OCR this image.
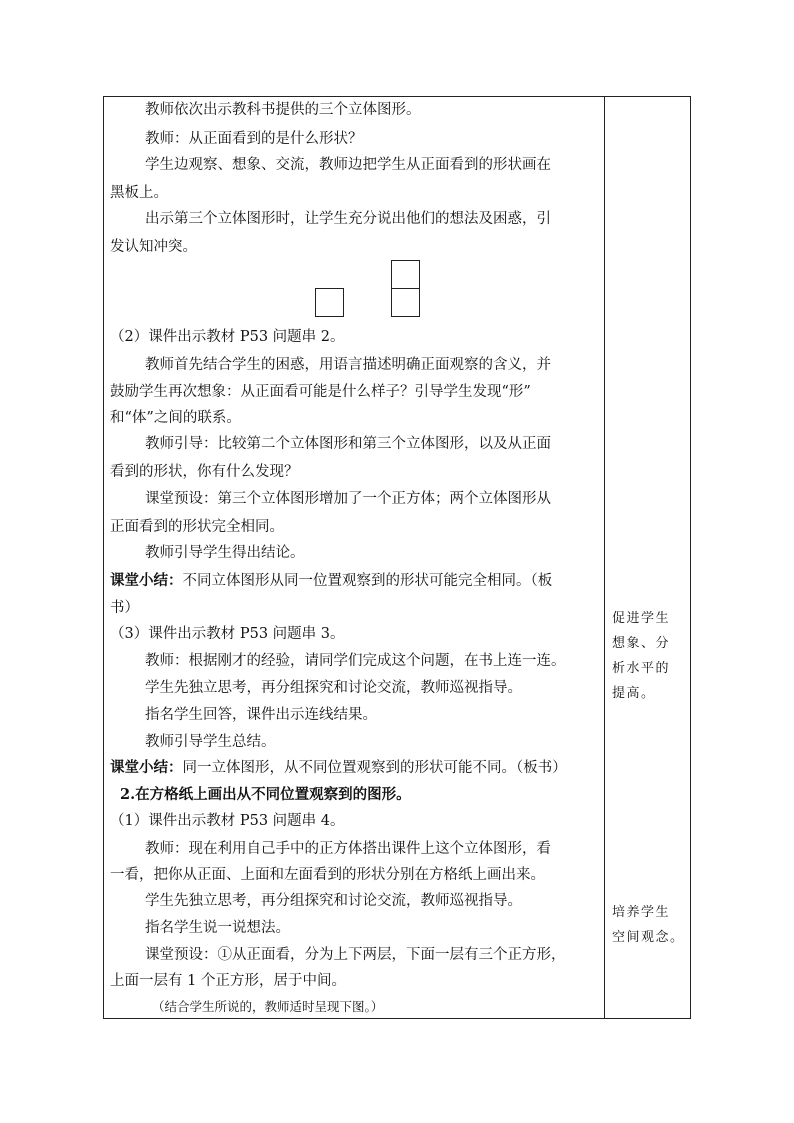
教师依次出示教科书提供的三个立体图形。
教师：从正面看到的是什么形状？
学生边观察、想象、交流，教师边把学生从正面看到的形状画在
黑板上。
出示第三个立体图形时，让学生充分说出他们的想法及困惑，引
发认知冲突。
（2）课件出示教材 P53 问题串 2。
教师首先结合学生的困惑，用语言描述明确正面观察的含义，并
鼓励学生再次想象：从正面看可能是什么样子？引导学生发现“形”
和“体”之间的联系。
教师引导：比较第二个立体图形和第三个立体图形，以及从正面
看到的形状，你有什么发现？
课堂预设：第三个立体图形增加了一个正方体；两个立体图形从
正面看到的形状完全相同。
教师引导学生得出结论。
课堂小结：不同立体图形从同一位置观察到的形状可能完全相同。（板
书）
（3）课件出示教材 P53 问题串 3。
教师：根据刚才的经验，请同学们完成这个问题，在书上连一连。
学生先独立思考，再分组探究和讨论交流，教师巡视指导。
指名学生回答，课件出示连线结果。
教师引导学生总结。
课堂小结：同一立体图形，从不同位置观察到的形状可能不同。（板书）
2.在方格纸上画出从不同位置观察到的图形。
（1）课件出示教材 P53 问题串 4。
教师：现在利用自己手中的正方体搭出课件上这个立体图形，看
一看，把你从正面、上面和左面看到的形状分别在方格纸上画出来。
学生先独立思考，再分组探究和讨论交流，教师巡视指导。
指名学生说一说想法。
课堂预设：①从正面看，分为上下两层，下面一层有三个正方形，
上面一层有 1 个正方形，居于中间。
（结合学生所说的，教师适时呈现下图。）
促进学生
想象、分
析水平的
提高。
培养学生
空间观念。
